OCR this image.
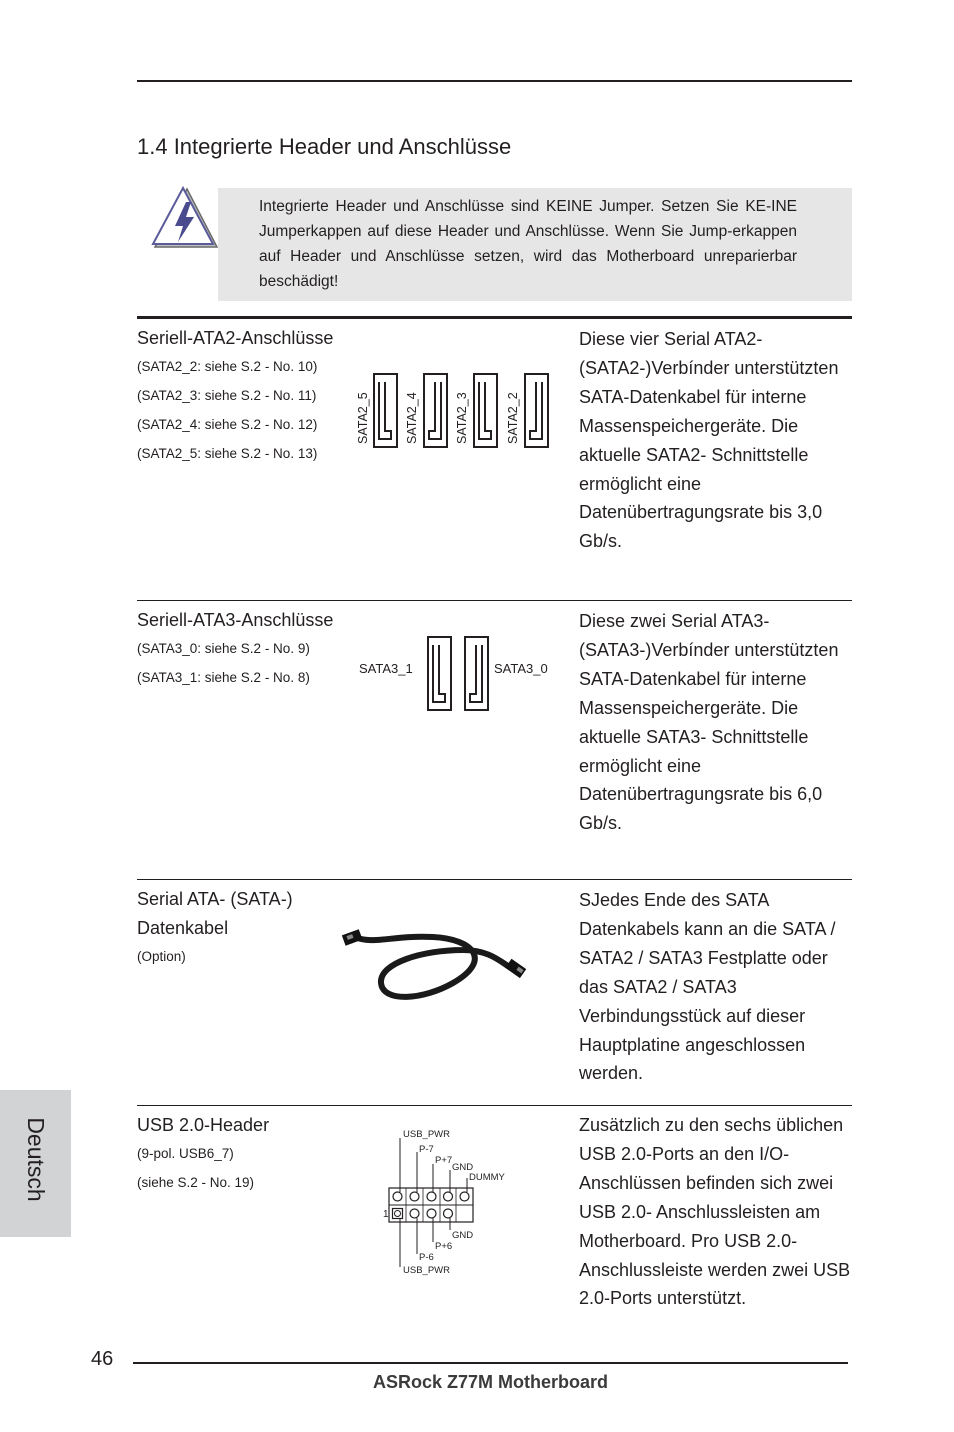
1.4 Integrierte Header und Anschlüsse
Integrierte Header und Anschlüsse sind KEINE Jumper. Setzen Sie KE-INE Jumperkappen auf diese Header und Anschlüsse. Wenn Sie Jump-erkappen auf Header und Anschlüsse setzen, wird das Motherboard unreparierbar beschädigt!
Seriell-ATA2-Anschlüsse
(SATA2_2: siehe S.2 - No. 10)
(SATA2_3: siehe S.2 - No. 11)
(SATA2_4: siehe S.2 - No. 12)
(SATA2_5: siehe S.2 - No. 13)
SATA2_5	SATA2_4	SATA2_3	SATA2_2
Diese vier Serial ATA2-(SATA2-)Verbínder unterstützten SATA-Datenkabel für interne Massenspeichergeräte. Die aktuelle SATA2- Schnittstelle ermöglicht eine Datenübertragungsrate bis 3,0 Gb/s.
Seriell-ATA3-Anschlüsse
(SATA3_0: siehe S.2 - No. 9)
(SATA3_1: siehe S.2 - No. 8)
SATA3_1	SATA3_0
Diese zwei Serial ATA3-(SATA3-)Verbínder unterstützten SATA-Datenkabel für interne Massenspeichergeräte. Die aktuelle SATA3- Schnittstelle ermöglicht eine Datenübertragungsrate bis 6,0 Gb/s.
Serial ATA- (SATA-)
Datenkabel
(Option)
SJedes Ende des SATA Datenkabels kann an die SATA / SATA2 / SATA3 Festplatte oder das SATA2 / SATA3 Verbindungsstück auf dieser Hauptplatine angeschlossen werden.
USB 2.0-Header
(9-pol. USB6_7)
(siehe S.2 - No. 19)
USB_PWR
P-7
P+7
GND
DUMMY
1
GND
P+6
P-6
USB_PWR
Zusätzlich zu den sechs üblichen USB 2.0-Ports an den I/O-Anschlüssen befinden sich zwei USB 2.0- Anschlussleisten am Motherboard. Pro USB 2.0-Anschlussleiste werden zwei USB 2.0-Ports unterstützt.
Deutsch
46
ASRock Z77M Motherboard
